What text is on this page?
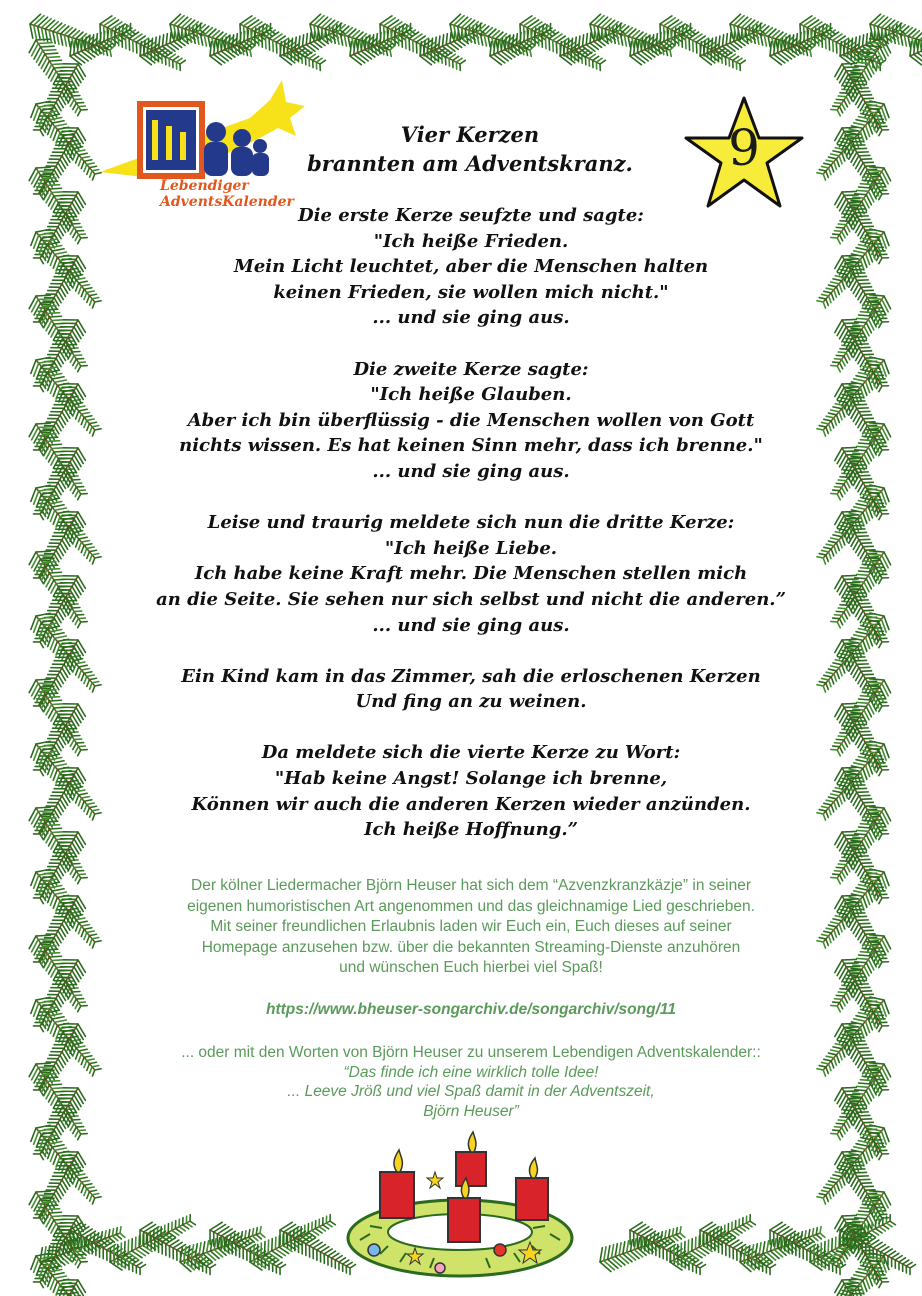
Lebendiger
AdventsKalender
9
Vier Kerzen
brannten am Adventskranz.

Die erste Kerze seufzte und sagte:
"Ich heiße Frieden.
Mein Licht leuchtet, aber die Menschen halten
keinen Frieden, sie wollen mich nicht."
... und sie ging aus.

Die zweite Kerze sagte:
"Ich heiße Glauben.
Aber ich bin überflüssig - die Menschen wollen von Gott
nichts wissen. Es hat keinen Sinn mehr, dass ich brenne."
... und sie ging aus.

Leise und traurig meldete sich nun die dritte Kerze:
"Ich heiße Liebe.
Ich habe keine Kraft mehr. Die Menschen stellen mich
an die Seite. Sie sehen nur sich selbst und nicht die anderen.”
... und sie ging aus.

Ein Kind kam in das Zimmer, sah die erloschenen Kerzen
Und fing an zu weinen.

Da meldete sich die vierte Kerze zu Wort:
"Hab keine Angst! Solange ich brenne,
Können wir auch die anderen Kerzen wieder anzünden.
Ich heiße Hoffnung.”

Der kölner Liedermacher Björn Heuser hat sich dem “Azvenzkranzkäzje” in seiner
eigenen humoristischen Art angenommen und das gleichnamige Lied geschrieben.
Mit seiner freundlichen Erlaubnis laden wir Euch ein, Euch dieses auf seiner
Homepage anzusehen bzw. über die bekannten Streaming-Dienste anzuhören
und wünschen Euch hierbei viel Spaß!
https://www.bheuser-songarchiv.de/songarchiv/song/11
... oder mit den Worten von Björn Heuser zu unserem Lebendigen Adventskalender::
“Das finde ich eine wirklich tolle Idee!
... Leeve Jröß und viel Spaß damit in der Adventszeit,
Björn Heuser”
